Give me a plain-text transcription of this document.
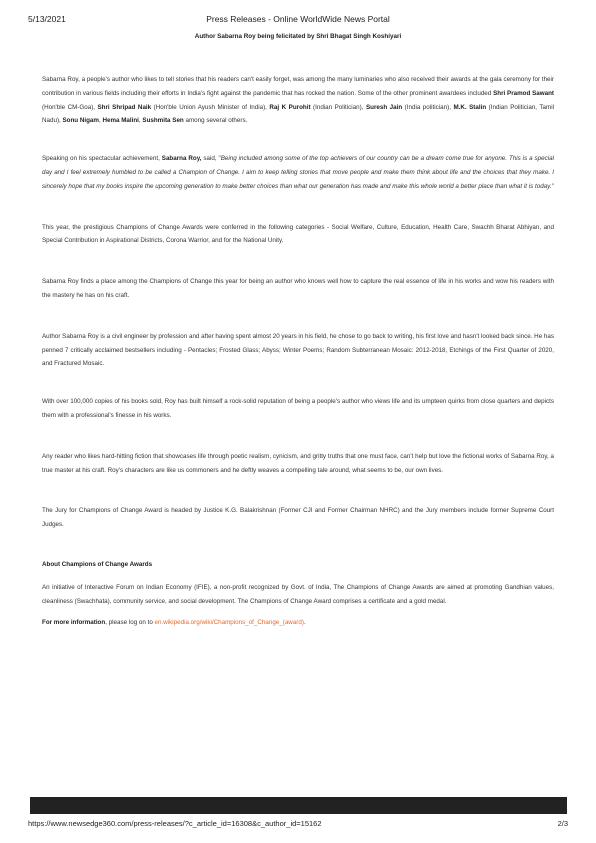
5/13/2021	Press Releases - Online WorldWide News Portal
Author Sabarna Roy being felicitated by Shri Bhagat Singh Koshiyari

Sabarna Roy, a people's author who likes to tell stories that his readers can't easily forget, was among the many luminaries who also received their awards at the gala ceremony for their contribution in various fields including their efforts in India's fight against the pandemic that has rocked the nation. Some of the other prominent awardees included Shri Pramod Sawant (Hon'ble CM-Goa), Shri Shripad Naik (Hon'ble Union Ayush Minister of India), Raj K Purohit (Indian Politician), Suresh Jain (India politician), M.K. Stalin (Indian Politician, Tamil Nadu), Sonu Nigam, Hema Malini, Sushmita Sen among several others.

Speaking on his spectacular achievement, Sabarna Roy, said, "Being included among some of the top achievers of our country can be a dream come true for anyone. This is a special day and I feel extremely humbled to be called a Champion of Change. I aim to keep telling stories that move people and make them think about life and the choices that they make. I sincerely hope that my books inspire the upcoming generation to make better choices than what our generation has made and make this whole world a better place than what it is today."

This year, the prestigious Champions of Change Awards were conferred in the following categories - Social Welfare, Culture, Education, Health Care, Swachh Bharat Abhiyan, and Special Contribution in Aspirational Districts, Corona Warrior, and for the National Unity.

Sabarna Roy finds a place among the Champions of Change this year for being an author who knows well how to capture the real essence of life in his works and wow his readers with the mastery he has on his craft.

Author Sabarna Roy is a civil engineer by profession and after having spent almost 20 years in his field, he chose to go back to writing, his first love and hasn't looked back since. He has penned 7 critically acclaimed bestsellers including - Pentacles; Frosted Glass; Abyss; Winter Poems; Random Subterranean Mosaic: 2012-2018, Etchings of the First Quarter of 2020, and Fractured Mosaic.

With over 100,000 copies of his books sold, Roy has built himself a rock-solid reputation of being a people's author who views life and its umpteen quirks from close quarters and depicts them with a professional's finesse in his works.

Any reader who likes hard-hitting fiction that showcases life through poetic realism, cynicism, and gritty truths that one must face, can't help but love the fictional works of Sabarna Roy, a true master at his craft. Roy's characters are like us commoners and he deftly weaves a compelling tale around, what seems to be, our own lives.

The Jury for Champions of Change Award is headed by Justice K.G. Balakrishnan (Former CJI and Former Chairman NHRC) and the Jury members include former Supreme Court Judges.

About Champions of Change Awards

An initiative of Interactive Forum on Indian Economy (IFIE), a non-profit recognized by Govt. of India, The Champions of Change Awards are aimed at promoting Gandhian values, cleanliness (Swachhata), community service, and social development. The Champions of Change Award comprises a certificate and a gold medal.

For more information, please log on to en.wikipedia.org/wiki/Champions_of_Change_(award).

https://www.newsedge360.com/press-releases/?c_article_id=16308&c_author_id=15162	2/3
